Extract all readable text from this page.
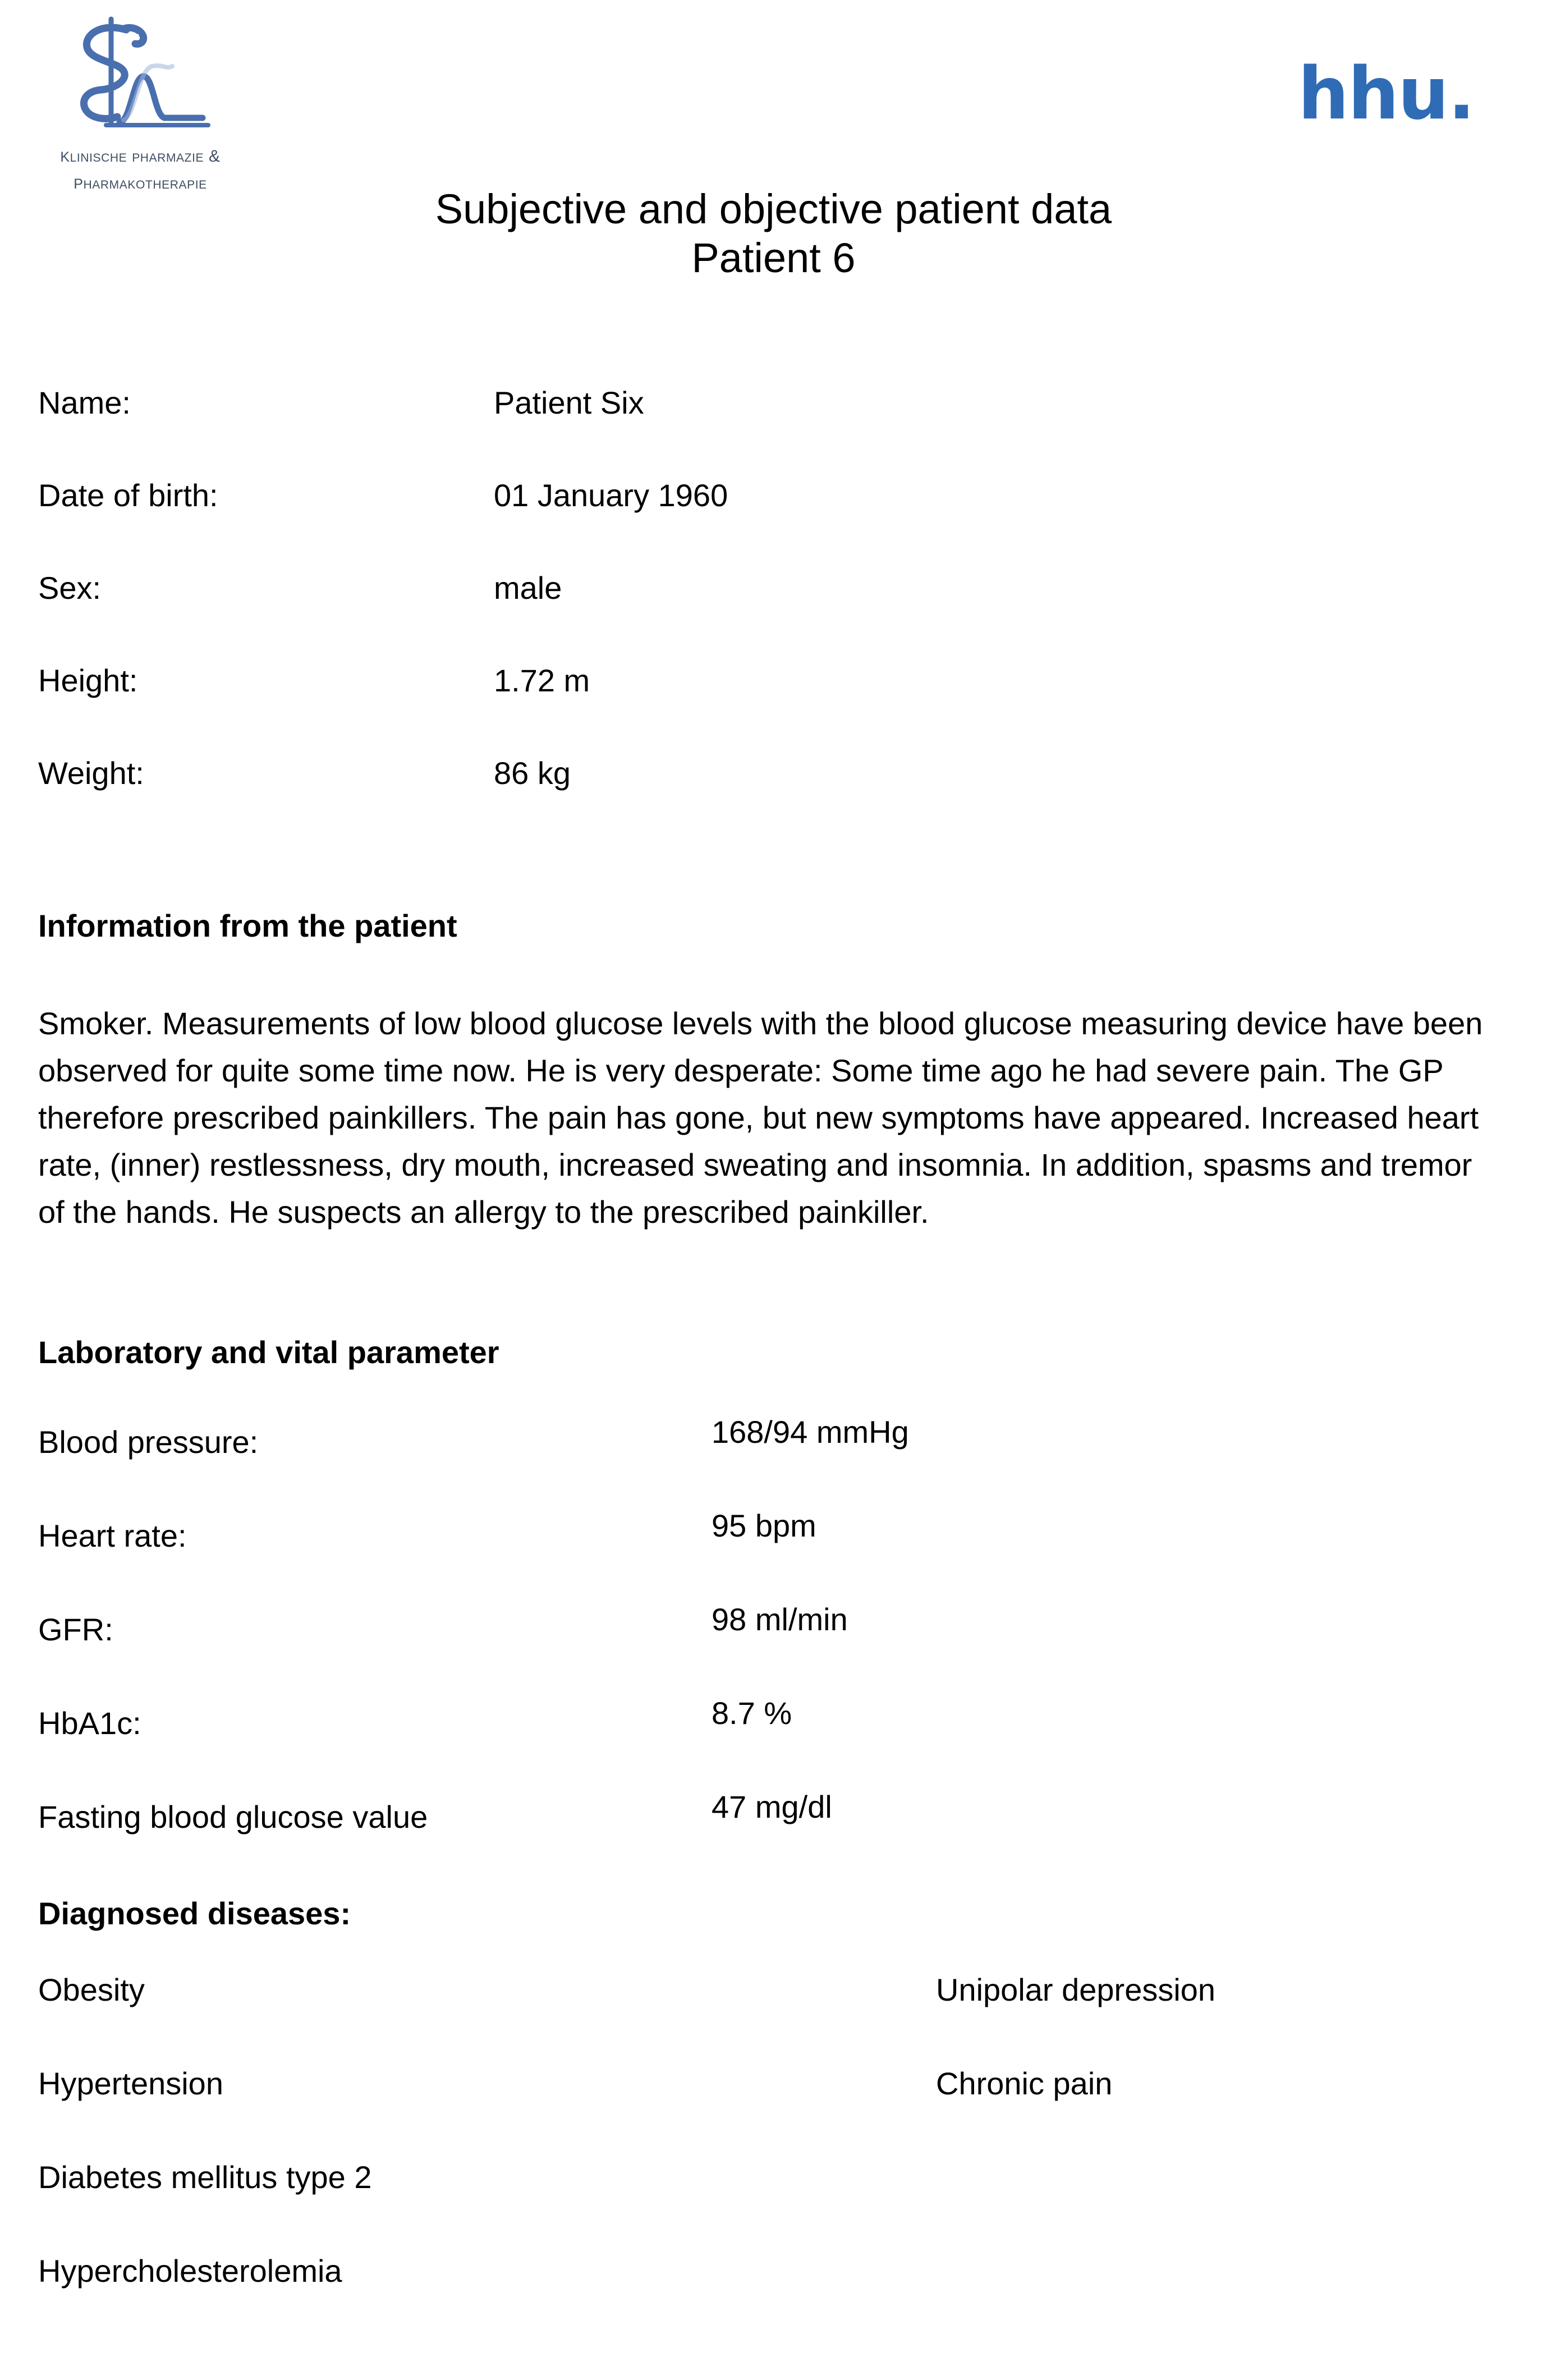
klinische pharmazie &
pharmakotherapie
hhu.
Subjective and objective patient data
Patient 6
Name:	Patient Six
Date of birth:	01 January 1960
Sex:	male
Height:	1.72 m
Weight:	86 kg
Information from the patient
Smoker. Measurements of low blood glucose levels with the blood glucose measuring device have been observed for quite some time now. He is very desperate: Some time ago he had severe pain. The GP therefore prescribed painkillers. The pain has gone, but new symptoms have appeared. Increased heart rate, (inner) restlessness, dry mouth, increased sweating and insomnia. In addition, spasms and tremor of the hands. He suspects an allergy to the prescribed painkiller.
Laboratory and vital parameter
Blood pressure:	168/94 mmHg
Heart rate:	95 bpm
GFR:	98 ml/min
HbA1c:	8.7 %
Fasting blood glucose value	47 mg/dl
Diagnosed diseases:
Obesity	Unipolar depression
Hypertension	Chronic pain
Diabetes mellitus type 2
Hypercholesterolemia
